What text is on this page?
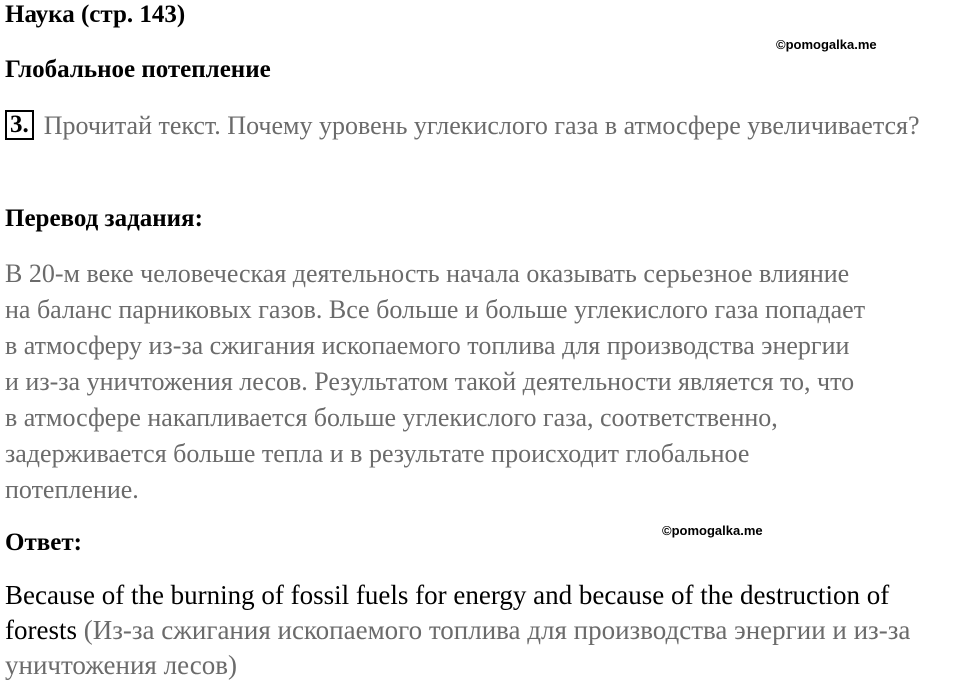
Наука (стр. 143)
©pomogalka.me
Глобальное потепление
3. Прочитай текст. Почему уровень углекислого газа в атмосфере увеличивается?
Перевод задания:

В 20-м веке человеческая деятельность начала оказывать серьезное влияние
на баланс парниковых газов. Все больше и больше углекислого газа попадает
в атмосферу из-за сжигания ископаемого топлива для производства энергии
и из-за уничтожения лесов. Результатом такой деятельности является то, что
в атмосфере накапливается больше углекислого газа, соответственно,
задерживается больше тепла и в результате происходит глобальное
потепление.

Ответ:	©pomogalka.me

Because of the burning of fossil fuels for energy and because of the destruction of forests (Из-за сжигания ископаемого топлива для производства энергии и из-за уничтожения лесов)
